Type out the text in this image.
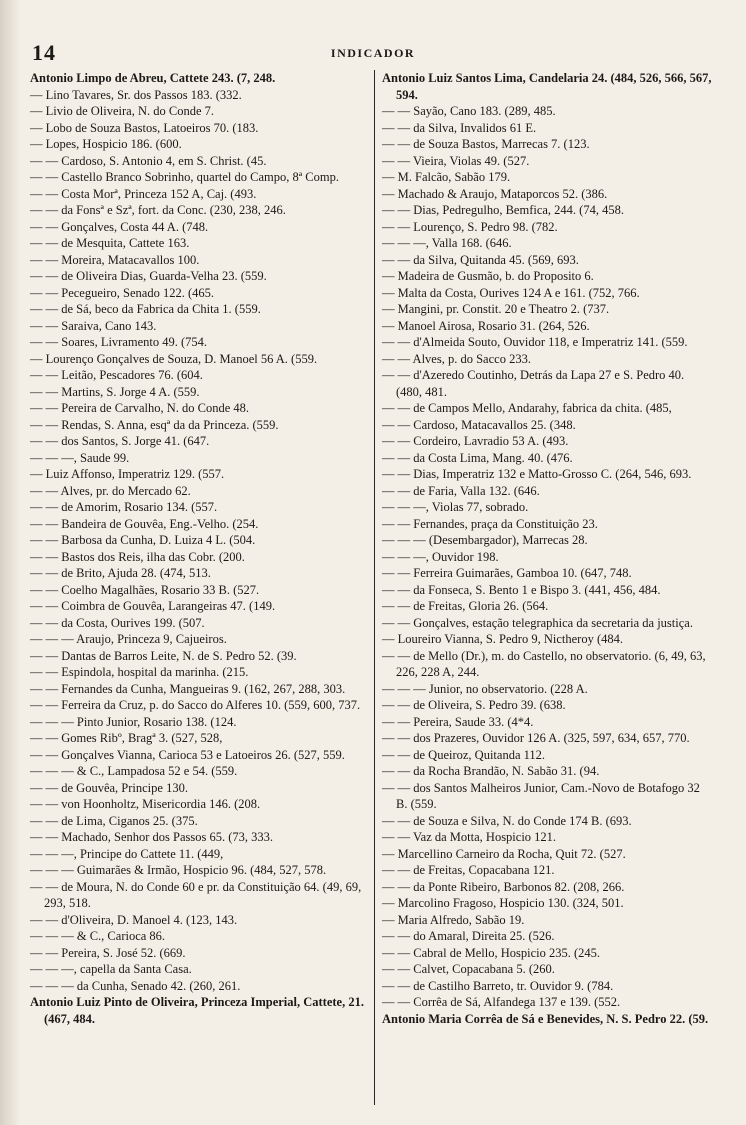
14	INDICADOR

Antonio Limpo de Abreu, Cattete 243. (7, 248.

— Lino Tavares, Sr. dos Passos 183. (332.

— Livio de Oliveira, N. do Conde 7.

— Lobo de Souza Bastos, Latoeiros 70. (183.

— Lopes, Hospicio 186. (600.

— — Cardoso, S. Antonio 4, em S. Christ. (45.

— — Castello Branco Sobrinho, quartel do Campo, 8ª Comp.

— — Costa Morª, Princeza 152 A, Caj. (493.

— — da Fonsª e Szª, fort. da Conc. (230, 238, 246.

— — Gonçalves, Costa 44 A. (748.

— — de Mesquita, Cattete 163.

— — Moreira, Matacavallos 100.

— — de Oliveira Dias, Guarda-Velha 23. (559.

— — Pecegueiro, Senado 122. (465.

— — de Sá, beco da Fabrica da Chita 1. (559.

— — Saraiva, Cano 143.

— — Soares, Livramento 49. (754.

— Lourenço Gonçalves de Souza, D. Manoel 56 A. (559.

— — Leitão, Pescadores 76. (604.

— — Martins, S. Jorge 4 A. (559.

— — Pereira de Carvalho, N. do Conde 48.

— — Rendas, S. Anna, esqª da da Princeza. (559.

— — dos Santos, S. Jorge 41. (647.

— — —, Saude 99.

— Luiz Affonso, Imperatriz 129. (557.

— — Alves, pr. do Mercado 62.

— — de Amorim, Rosario 134. (557.

— — Bandeira de Gouvêa, Eng.-Velho. (254.

— — Barbosa da Cunha, D. Luiza 4 L. (504.

— — Bastos dos Reis, ilha das Cobr. (200.

— — de Brito, Ajuda 28. (474, 513.

— — Coelho Magalhães, Rosario 33 B. (527.

— — Coimbra de Gouvêa, Larangeiras 47. (149.

— — da Costa, Ourives 199. (507.

— — — Araujo, Princeza 9, Cajueiros.

— — Dantas de Barros Leite, N. de S. Pedro 52. (39.

— — Espindola, hospital da marinha. (215.

— — Fernandes da Cunha, Mangueiras 9. (162, 267, 288, 303.

— — Ferreira da Cruz, p. do Sacco do Alferes 10. (559, 600, 737.

— — — Pinto Junior, Rosario 138. (124.

— — Gomes Ribº, Bragª 3. (527, 528,

— — Gonçalves Vianna, Carioca 53 e Latoeiros 26. (527, 559.

— — — & C., Lampadosa 52 e 54. (559.

— — de Gouvêa, Principe 130.

— — von Hoonholtz, Misericordia 146. (208.

— — de Lima, Ciganos 25. (375.

— — Machado, Senhor dos Passos 65. (73, 333.

— — —, Principe do Cattete 11. (449,

— — — Guimarães & Irmão, Hospicio 96. (484, 527, 578.

— — de Moura, N. do Conde 60 e pr. da Constituição 64. (49, 69, 293, 518.

— — d'Oliveira, D. Manoel 4. (123, 143.

— — — & C., Carioca 86.

— — Pereira, S. José 52. (669.

— — —, capella da Santa Casa.

— — — da Cunha, Senado 42. (260, 261.

Antonio Luiz Pinto de Oliveira, Princeza Imperial, Cattete, 21. (467, 484.

Antonio Luiz Santos Lima, Candelaria 24. (484, 526, 566, 567, 594.

— — Sayão, Cano 183. (289, 485.

— — da Silva, Invalidos 61 E.

— — de Souza Bastos, Marrecas 7. (123.

— — Vieira, Violas 49. (527.

— M. Falcão, Sabão 179.

— Machado & Araujo, Mataporcos 52. (386.

— — Dias, Pedregulho, Bemfica, 244. (74, 458.

— — Lourenço, S. Pedro 98. (782.

— — —, Valla 168. (646.

— — da Silva, Quitanda 45. (569, 693.

— Madeira de Gusmão, b. do Proposito 6.

— Malta da Costa, Ourives 124 A e 161. (752, 766.

— Mangini, pr. Constit. 20 e Theatro 2. (737.

— Manoel Airosa, Rosario 31. (264, 526.

— — d'Almeida Souto, Ouvidor 118, e Imperatriz 141. (559.

— — Alves, p. do Sacco 233.

— — d'Azeredo Coutinho, Detrás da Lapa 27 e S. Pedro 40. (480, 481.

— — de Campos Mello, Andarahy, fabrica da chita. (485,

— — Cardoso, Matacavallos 25. (348.

— — Cordeiro, Lavradio 53 A. (493.

— — da Costa Lima, Mang. 40. (476.

— — Dias, Imperatriz 132 e Matto-Grosso C. (264, 546, 693.

— — de Faria, Valla 132. (646.

— — —, Violas 77, sobrado.

— — Fernandes, praça da Constituição 23.

— — — (Desembargador), Marrecas 28.

— — —, Ouvidor 198.

— — Ferreira Guimarães, Gamboa 10. (647, 748.

— — da Fonseca, S. Bento 1 e Bispo 3. (441, 456, 484.

— — de Freitas, Gloria 26. (564.

— — Gonçalves, estação telegraphica da secretaria da justiça.

— Loureiro Vianna, S. Pedro 9, Nictheroy (484.

— — de Mello (Dr.), m. do Castello, no observatorio. (6, 49, 63, 226, 228 A, 244.

— — — Junior, no observatorio. (228 A.

— — de Oliveira, S. Pedro 39. (638.

— — Pereira, Saude 33. (4*4.

— — dos Prazeres, Ouvidor 126 A. (325, 597, 634, 657, 770.

— — de Queiroz, Quitanda 112.

— — da Rocha Brandão, N. Sabão 31. (94.

— — dos Santos Malheiros Junior, Cam.-Novo de Botafogo 32 B. (559.

— — de Souza e Silva, N. do Conde 174 B. (693.

— — Vaz da Motta, Hospicio 121.

— Marcellino Carneiro da Rocha, Quit 72. (527.

— — de Freitas, Copacabana 121.

— — da Ponte Ribeiro, Barbonos 82. (208, 266.

— Marcolino Fragoso, Hospicio 130. (324, 501.

— Maria Alfredo, Sabão 19.

— — do Amaral, Direita 25. (526.

— — Cabral de Mello, Hospicio 235. (245.

— — Calvet, Copacabana 5. (260.

— — de Castilho Barreto, tr. Ouvidor 9. (784.

— — Corrêa de Sá, Alfandega 137 e 139. (552.

Antonio Maria Corrêa de Sá e Benevides, N. S. Pedro 22. (59.
